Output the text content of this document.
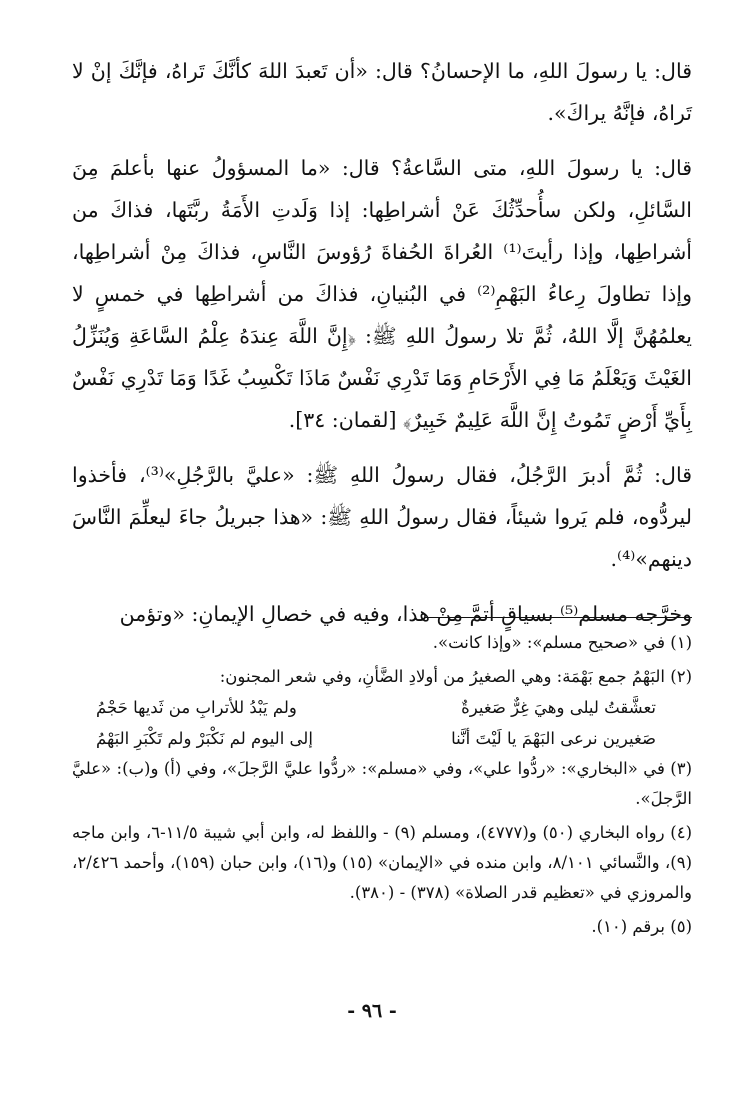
قال: يا رسولَ اللهِ، ما الإحسانُ؟ قال: «أن تَعبدَ اللهَ كأنَّكَ تَراهُ، فإنَّكَ إنْ لا تَراهُ، فإنَّهُ يراكَ».

قال: يا رسولَ اللهِ، متى السَّاعةُ؟ قال: «ما المسؤولُ عنها بأعلمَ مِنَ السَّائلِ، ولكن سأُحدِّثُكَ عَنْ أشراطِها: إذا وَلَدتِ الأَمَةُ ربَّتَها، فذاكَ من أشراطِها، وإذا رأيتَ⁽¹⁾ العُراةَ الحُفاةَ رُؤوسَ النَّاسِ، فذاكَ مِنْ أشراطِها، وإذا تطاولَ رِعاءُ البَهْمِ⁽²⁾ في البُنيانِ، فذاكَ من أشراطِها في خمسٍ لا يعلمُهُنَّ إلَّا اللهُ، ثُمَّ تلا رسولُ اللهِ ﷺ: ﴿إِنَّ اللَّهَ عِندَهُ عِلْمُ السَّاعَةِ وَيُنَزِّلُ الغَيْثَ وَيَعْلَمُ مَا فِي الأَرْحَامِ وَمَا تَدْرِي نَفْسٌ مَاذَا تَكْسِبُ غَدًا وَمَا تَدْرِي نَفْسٌ بِأَيِّ أَرْضٍ تَمُوتُ إِنَّ اللَّهَ عَلِيمٌ خَبِيرٌ﴾ [لقمان: ٣٤].

قال: ثُمَّ أدبرَ الرَّجُلُ، فقال رسولُ اللهِ ﷺ: «عليَّ بالرَّجُلِ»⁽³⁾، فأخذوا ليردُّوه، فلم يَروا شيئاً، فقال رسولُ اللهِ ﷺ: «هذا جبريلُ جاءَ ليعلِّمَ النَّاسَ دينهم»⁽⁴⁾.

وخرَّجه مسلم⁽⁵⁾ بسياقٍ أتمَّ مِنْ هذا، وفيه في خصالِ الإيمانِ: «وتؤمن

(١) في «صحيح مسلم»: «وإذا كانت».

(٢) البَهْمُ جمع بَهْمَة: وهي الصغيرُ من أولادِ الضَّأنِ، وفي شعر المجنون:

تعشَّقتُ ليلى وهيَ غِرٌّ صَغيرةٌ
ولم يَبْدُ للأترابِ من ثَديها حَجْمُ
صَغيرين نرعى البَهْمَ يا لَيْتَ أنَّنا
إلى اليوم لم نَكْبَرْ ولم تَكْبَرِ البَهْمُ

(٣) في «البخاري»: «ردُّوا علي»، وفي «مسلم»: «ردُّوا عليَّ الرَّجلَ»، وفي (أ) و(ب): «عليَّ الرَّجلَ».

(٤) رواه البخاري (٥٠) و(٤٧٧٧)، ومسلم (٩) - واللفظ له، وابن أبي شيبة ١١/٥-٦، وابن ماجه (٩)، والنَّسائي ٨/١٠١، وابن منده في «الإيمان» (١٥) و(١٦)، وابن حبان (١٥٩)، وأحمد ٢/٤٢٦، والمروزي في «تعظيم قدر الصلاة» (٣٧٨) - (٣٨٠).

(٥) برقم (١٠).

- ٩٦ -
